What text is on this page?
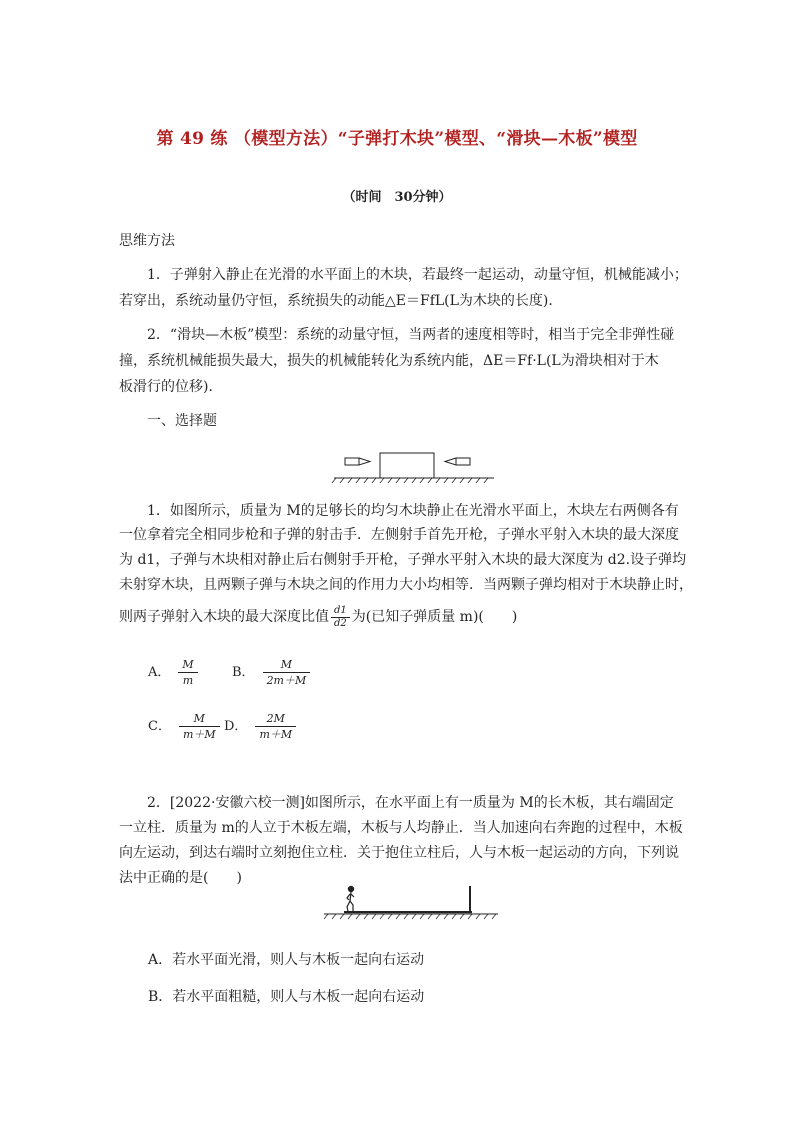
第 49 练 （模型方法）“子弹打木块”模型、“滑块—木板”模型
（时间　30分钟）
思维方法
1．子弹射入静止在光滑的水平面上的木块，若最终一起运动，动量守恒，机械能减小；
若穿出，系统动量仍守恒，系统损失的动能△E＝FfL(L为木块的长度)．
2．“滑块—木板”模型：系统的动量守恒，当两者的速度相等时，相当于完全非弹性碰
撞，系统机械能损失最大，损失的机械能转化为系统内能，ΔE＝Ff·L(L为滑块相对于木
板滑行的位移)．
一、选择题
1．如图所示，质量为 M的足够长的均匀木块静止在光滑水平面上，木块左右两侧各有
一位拿着完全相同步枪和子弹的射击手．左侧射手首先开枪，子弹水平射入木块的最大深度
为 d1，子弹与木块相对静止后右侧射手开枪，子弹水平射入木块的最大深度为 d2.设子弹均
未射穿木块，且两颗子弹与木块之间的作用力大小均相等．当两颗子弹均相对于木块静止时，
则两子弹射入木块的最大深度比值 $\frac{d1}{d2}$ 为(已知子弹质量 m)(　　)
A． $\frac{M}{m}$	B． $\frac{M}{2m+M}$
C． $\frac{M}{m+M}$ D． $\frac{2M}{m+M}$
2．[2022·安徽六校一测]如图所示，在水平面上有一质量为 M的长木板，其右端固定
一立柱．质量为 m的人立于木板左端，木板与人均静止．当人加速向右奔跑的过程中，木板
向左运动，到达右端时立刻抱住立柱．关于抱住立柱后，人与木板一起运动的方向，下列说
法中正确的是(　　)
A．若水平面光滑，则人与木板一起向右运动
B．若水平面粗糙，则人与木板一起向右运动
